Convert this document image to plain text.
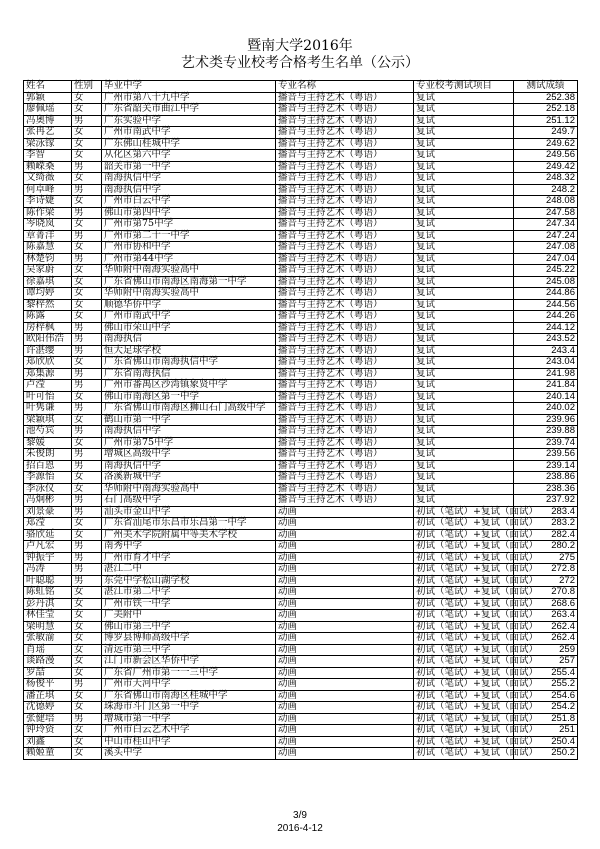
暨南大学2016年
艺术类专业校考合格考生名单（公示）
姓名	性别	毕业中学	专业名称	专业校考测试项目	测试成绩
郭颖	女	广州市第八十九中学	播音与主持艺术（粤语）	复试	252.38
廖佩瑶	女	广东省韶关市曲江中学	播音与主持艺术（粤语）	复试	252.18
冯奥博	男	广东实验中学	播音与主持艺术（粤语）	复试	251.12
张冉艺	女	广州市南武中学	播音与主持艺术（粤语）	复试	249.7
梁泳镓	女	广东佛山桂城中学	播音与主持艺术（粤语）	复试	249.62
李智	女	从化区第六中学	播音与主持艺术（粤语）	复试	249.56
赖嵘桑	男	韶关市第一中学	播音与主持艺术（粤语）	复试	249.42
文绮薇	女	南海执信中学	播音与主持艺术（粤语）	复试	248.32
何卓峰	男	南海执信中学	播音与主持艺术（粤语）	复试	248.2
李诗婕	女	广州市白云中学	播音与主持艺术（粤语）	复试	248.08
陈作梁	男	佛山市第四中学	播音与主持艺术（粤语）	复试	247.58
岑晓岚	女	广州市第75中学	播音与主持艺术（粤语）	复试	247.34
章菁洋	男	广州市第二十一中学	播音与主持艺术（粤语）	复试	247.24
陈嘉慧	女	广州市协和中学	播音与主持艺术（粤语）	复试	247.08
林楚钧	男	广州市第44中学	播音与主持艺术（粤语）	复试	247.04
吴家蔚	女	华师附中南海实验高中	播音与主持艺术（粤语）	复试	245.22
徐嘉琪	女	广东省佛山市南海区南海第一中学	播音与主持艺术（粤语）	复试	245.08
谭均婷	女	华师附中南海实验高中	播音与主持艺术（粤语）	复试	244.86
黎梓然	女	顺德华侨中学	播音与主持艺术（粤语）	复试	244.56
陈露	女	广州市南武中学	播音与主持艺术（粤语）	复试	244.26
房梓枫	男	佛山市荣山中学	播音与主持艺术（粤语）	复试	244.12
欧阳伟浩	男	南海执信	播音与主持艺术（粤语）	复试	243.52
许湛缨	男	恒大足球学校	播音与主持艺术（粤语）	复试	243.4
郑欣欣	女	广东省佛山市南海执信中学	播音与主持艺术（粤语）	复试	243.04
郑集源	男	广东省南海执信	播音与主持艺术（粤语）	复试	241.98
卢滢	男	广州市番禺区沙湾镇象贤中学	播音与主持艺术（粤语）	复试	241.84
叶可怡	女	佛山市南海区第一中学	播音与主持艺术（粤语）	复试	240.14
叶隽谦	男	广东省佛山市南海区狮山石门高级中学	播音与主持艺术（粤语）	复试	240.02
梁颖琪	女	鹤山市第一中学	播音与主持艺术（粤语）	复试	239.96
池芍宾	男	南海执信中学	播音与主持艺术（粤语）	复试	239.88
黎媛	女	广州市第75中学	播音与主持艺术（粤语）	复试	239.74
朱俊朗	男	增城区高级中学	播音与主持艺术（粤语）	复试	239.56
招百恩	男	南海执信中学	播音与主持艺术（粤语）	复试	239.14
李源怡	女	洛溪新城中学	播音与主持艺术（粤语）	复试	238.86
李泳仪	女	华师附中南海实验高中	播音与主持艺术（粤语）	复试	238.36
冯炯彬	男	石门高级中学	播音与主持艺术（粤语）	复试	237.92
刘景豪	男	汕头市金山中学	动画	初试（笔试）+复试（面试）	283.4
郑滢	女	广东省汕尾市乐昌市乐昌第一中学	动画	初试（笔试）+复试（面试）	283.2
骆欣延	女	广州美术学院附属中等美术学校	动画	初试（笔试）+复试（面试）	282.4
卢凡宏	男	南秀中学	动画	初试（笔试）+复试（面试）	280.2
钟振宇	男	广州市育才中学	动画	初试（笔试）+复试（面试）	275
冯涛	男	湛江二中	动画	初试（笔试）+复试（面试）	272.8
叶聪聪	男	东莞中学松山湖学校	动画	初试（笔试）+复试（面试）	272
陈虹铭	女	湛江市第二中学	动画	初试（笔试）+复试（面试）	270.8
彭丹淇	女	广州市铁一中学	动画	初试（笔试）+复试（面试）	268.6
林佳莹	女	广美附中	动画	初试（笔试）+复试（面试）	263.4
梁明慧	女	佛山市第三中学	动画	初试（笔试）+复试（面试）	262.4
张敏渝	女	博罗县博师高级中学	动画	初试（笔试）+复试（面试）	262.4
肖瑶	女	清远市第三中学	动画	初试（笔试）+复试（面试）	259
谈路漫	女	江门市新会区华侨中学	动画	初试（笔试）+复试（面试）	257
罗喆	女	广东省广州市第一一三中学	动画	初试（笔试）+复试（面试）	255.4
杨俊平	男	广州市天河中学	动画	初试（笔试）+复试（面试）	255.2
潘芷琪	女	广东省佛山市南海区桂城中学	动画	初试（笔试）+复试（面试）	254.6
沈德婷	女	珠海市斗门区第一中学	动画	初试（笔试）+复试（面试）	254.2
张健培	男	增城市第一中学	动画	初试（笔试）+复试（面试）	251.8
钟玲资	女	广州市白云艺术中学	动画	初试（笔试）+复试（面试）	251
刘鑫	女	中山市桂山中学	动画	初试（笔试）+复试（面试）	250.4
赖姬童	女	溪头中学	动画	初试（笔试）+复试（面试）	250.2
3/9
2016-4-12
